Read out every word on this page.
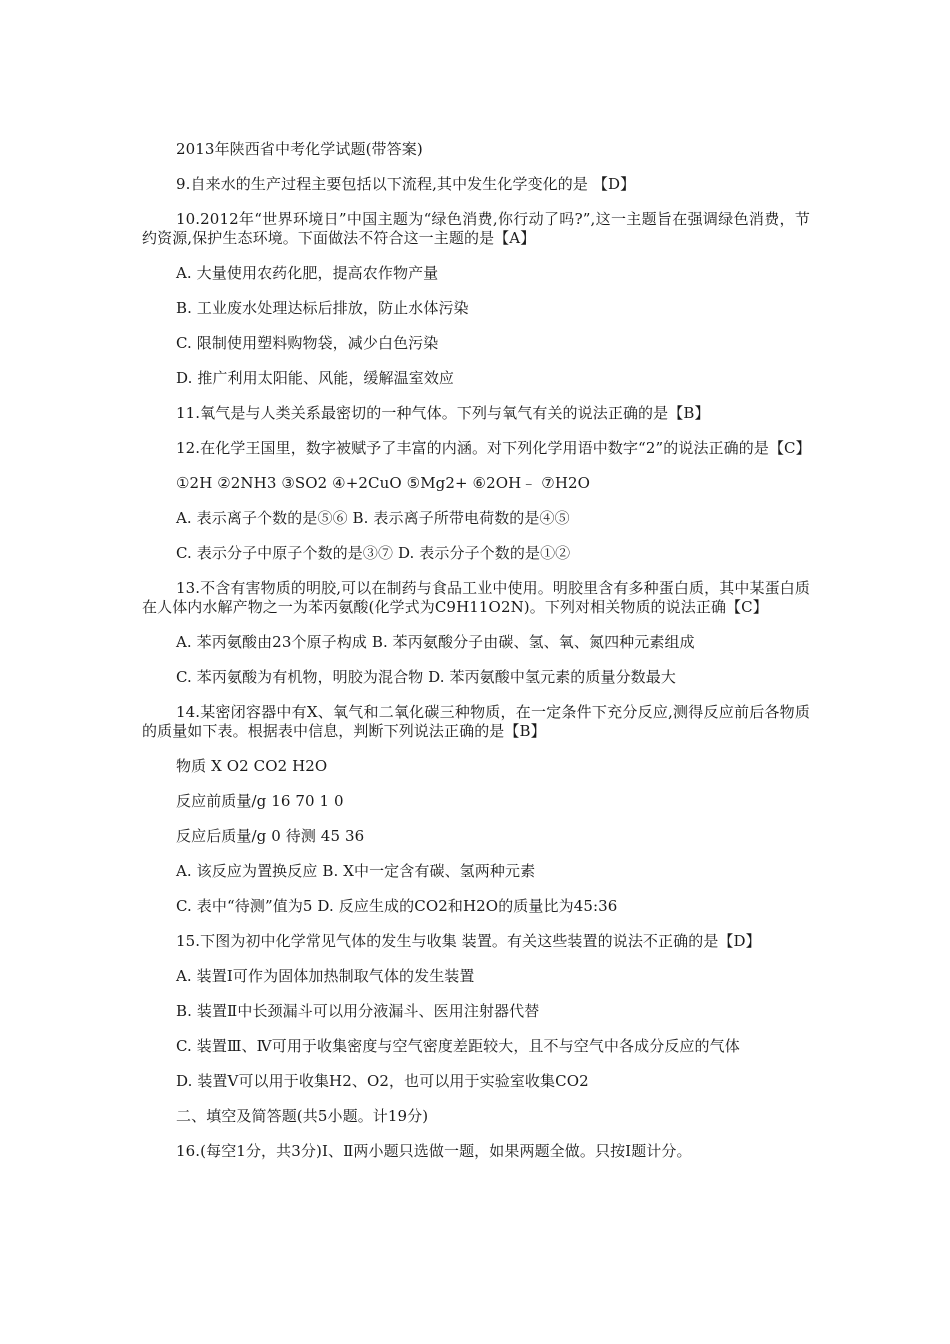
2013年陕西省中考化学试题(带答案)

9.自来水的生产过程主要包括以下流程,其中发生化学变化的是 【D】

10.2012年“世界环境日”中国主题为“绿色消费,你行动了吗?”,这一主题旨在强调绿色消费，节约资源,保护生态环境。下面做法不符合这一主题的是【A】

A. 大量使用农药化肥，提高农作物产量

B. 工业废水处理达标后排放，防止水体污染

C. 限制使用塑料购物袋，减少白色污染

D. 推广利用太阳能、风能，缓解温室效应

11.氧气是与人类关系最密切的一种气体。下列与氧气有关的说法正确的是【B】

12.在化学王国里，数字被赋予了丰富的内涵。对下列化学用语中数字“2”的说法正确的是【C】

①2H ②2NH3 ③SO2 ④+2CuO ⑤Mg2+ ⑥2OH﹣ ⑦H2O

A. 表示离子个数的是⑤⑥ B. 表示离子所带电荷数的是④⑤

C. 表示分子中原子个数的是③⑦ D. 表示分子个数的是①②

13.不含有害物质的明胶,可以在制药与食品工业中使用。明胶里含有多种蛋白质，其中某蛋白质在人体内水解产物之一为苯丙氨酸(化学式为C9H11O2N)。下列对相关物质的说法正确【C】

A. 苯丙氨酸由23个原子构成 B. 苯丙氨酸分子由碳、氢、氧、氮四种元素组成

C. 苯丙氨酸为有机物，明胶为混合物 D. 苯丙氨酸中氢元素的质量分数最大

14.某密闭容器中有X、氧气和二氧化碳三种物质，在一定条件下充分反应,测得反应前后各物质的质量如下表。根据表中信息，判断下列说法正确的是【B】

物质 X O2 CO2 H2O

反应前质量/g 16 70 1 0

反应后质量/g 0 待测 45 36

A. 该反应为置换反应 B. X中一定含有碳、氢两种元素

C. 表中“待测”值为5 D. 反应生成的CO2和H2O的质量比为45:36

15.下图为初中化学常见气体的发生与收集 装置。有关这些装置的说法不正确的是【D】

A. 装置Ⅰ可作为固体加热制取气体的发生装置

B. 装置Ⅱ中长颈漏斗可以用分液漏斗、医用注射器代替

C. 装置Ⅲ、Ⅳ可用于收集密度与空气密度差距较大，且不与空气中各成分反应的气体

D. 装置Ⅴ可以用于收集H2、O2，也可以用于实验室收集CO2

二、填空及简答题(共5小题。计19分)

16.(每空1分，共3分)Ⅰ、Ⅱ两小题只选做一题，如果两题全做。只按Ⅰ题计分。
